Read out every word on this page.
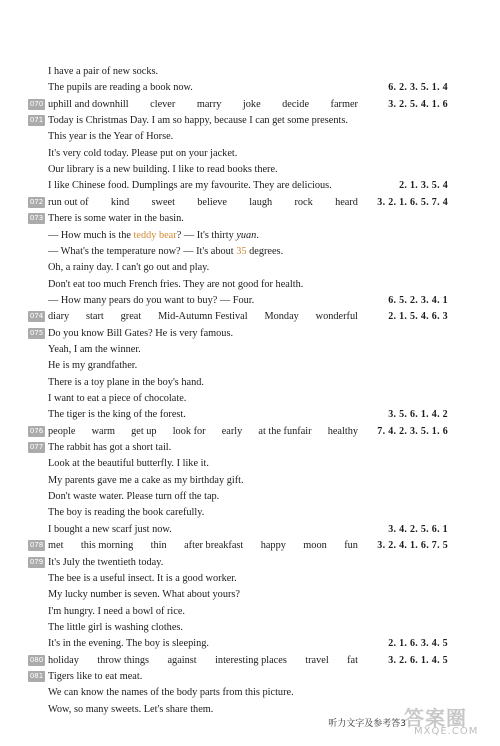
I have a pair of new socks.
The pupils are reading a book now.	6. 2. 3. 5. 1. 4
070 uphill and downhill clever marry joke decide farmer	3. 2. 5. 4. 1. 6
071 Today is Christmas Day. I am so happy, because I can get some presents.
This year is the Year of Horse.
It's very cold today. Please put on your jacket.
Our library is a new building. I like to read books there.
I like Chinese food. Dumplings are my favourite. They are delicious.	2. 1. 3. 5. 4
072 run out of kind sweet believe laugh rock heard 3. 2. 1. 6. 5. 7. 4
073 There is some water in the basin.
— How much is the teddy bear? — It's thirty yuan.
— What's the temperature now? — It's about 35 degrees.
Oh, a rainy day. I can't go out and play.
Don't eat too much French fries. They are not good for health.
— How many pears do you want to buy? — Four.	6. 5. 2. 3. 4. 1
074 diary start great Mid-Autumn Festival Monday wonderful	2. 1. 5. 4. 6. 3
075 Do you know Bill Gates? He is very famous.
Yeah, I am the winner.
He is my grandfather.
There is a toy plane in the boy's hand.
I want to eat a piece of chocolate.
The tiger is the king of the forest.	3. 5. 6. 1. 4. 2
076 people warm get up look for early at the funfair healthy 7. 4. 2. 3. 5. 1. 6
077 The rabbit has got a short tail.
Look at the beautiful butterfly. I like it.
My parents gave me a cake as my birthday gift.
Don't waste water. Please turn off the tap.
The boy is reading the book carefully.
I bought a new scarf just now.	3. 4. 2. 5. 6. 1
078 met this morning thin after breakfast happy moon fun 3. 2. 4. 1. 6. 7. 5
079 It's July the twentieth today.
The bee is a useful insect. It is a good worker.
My lucky number is seven. What about yours?
I'm hungry. I need a bowl of rice.
The little girl is washing clothes.
It's in the evening. The boy is sleeping.	2. 1. 6. 3. 4. 5
080 holiday throw things against interesting places travel fat	3. 2. 6. 1. 4. 5
081 Tigers like to eat meat.
We can know the names of the body parts from this picture.
Wow, so many sweets. Let's share them.
听力文字及参考答3
答案圈
MXQE.COM
